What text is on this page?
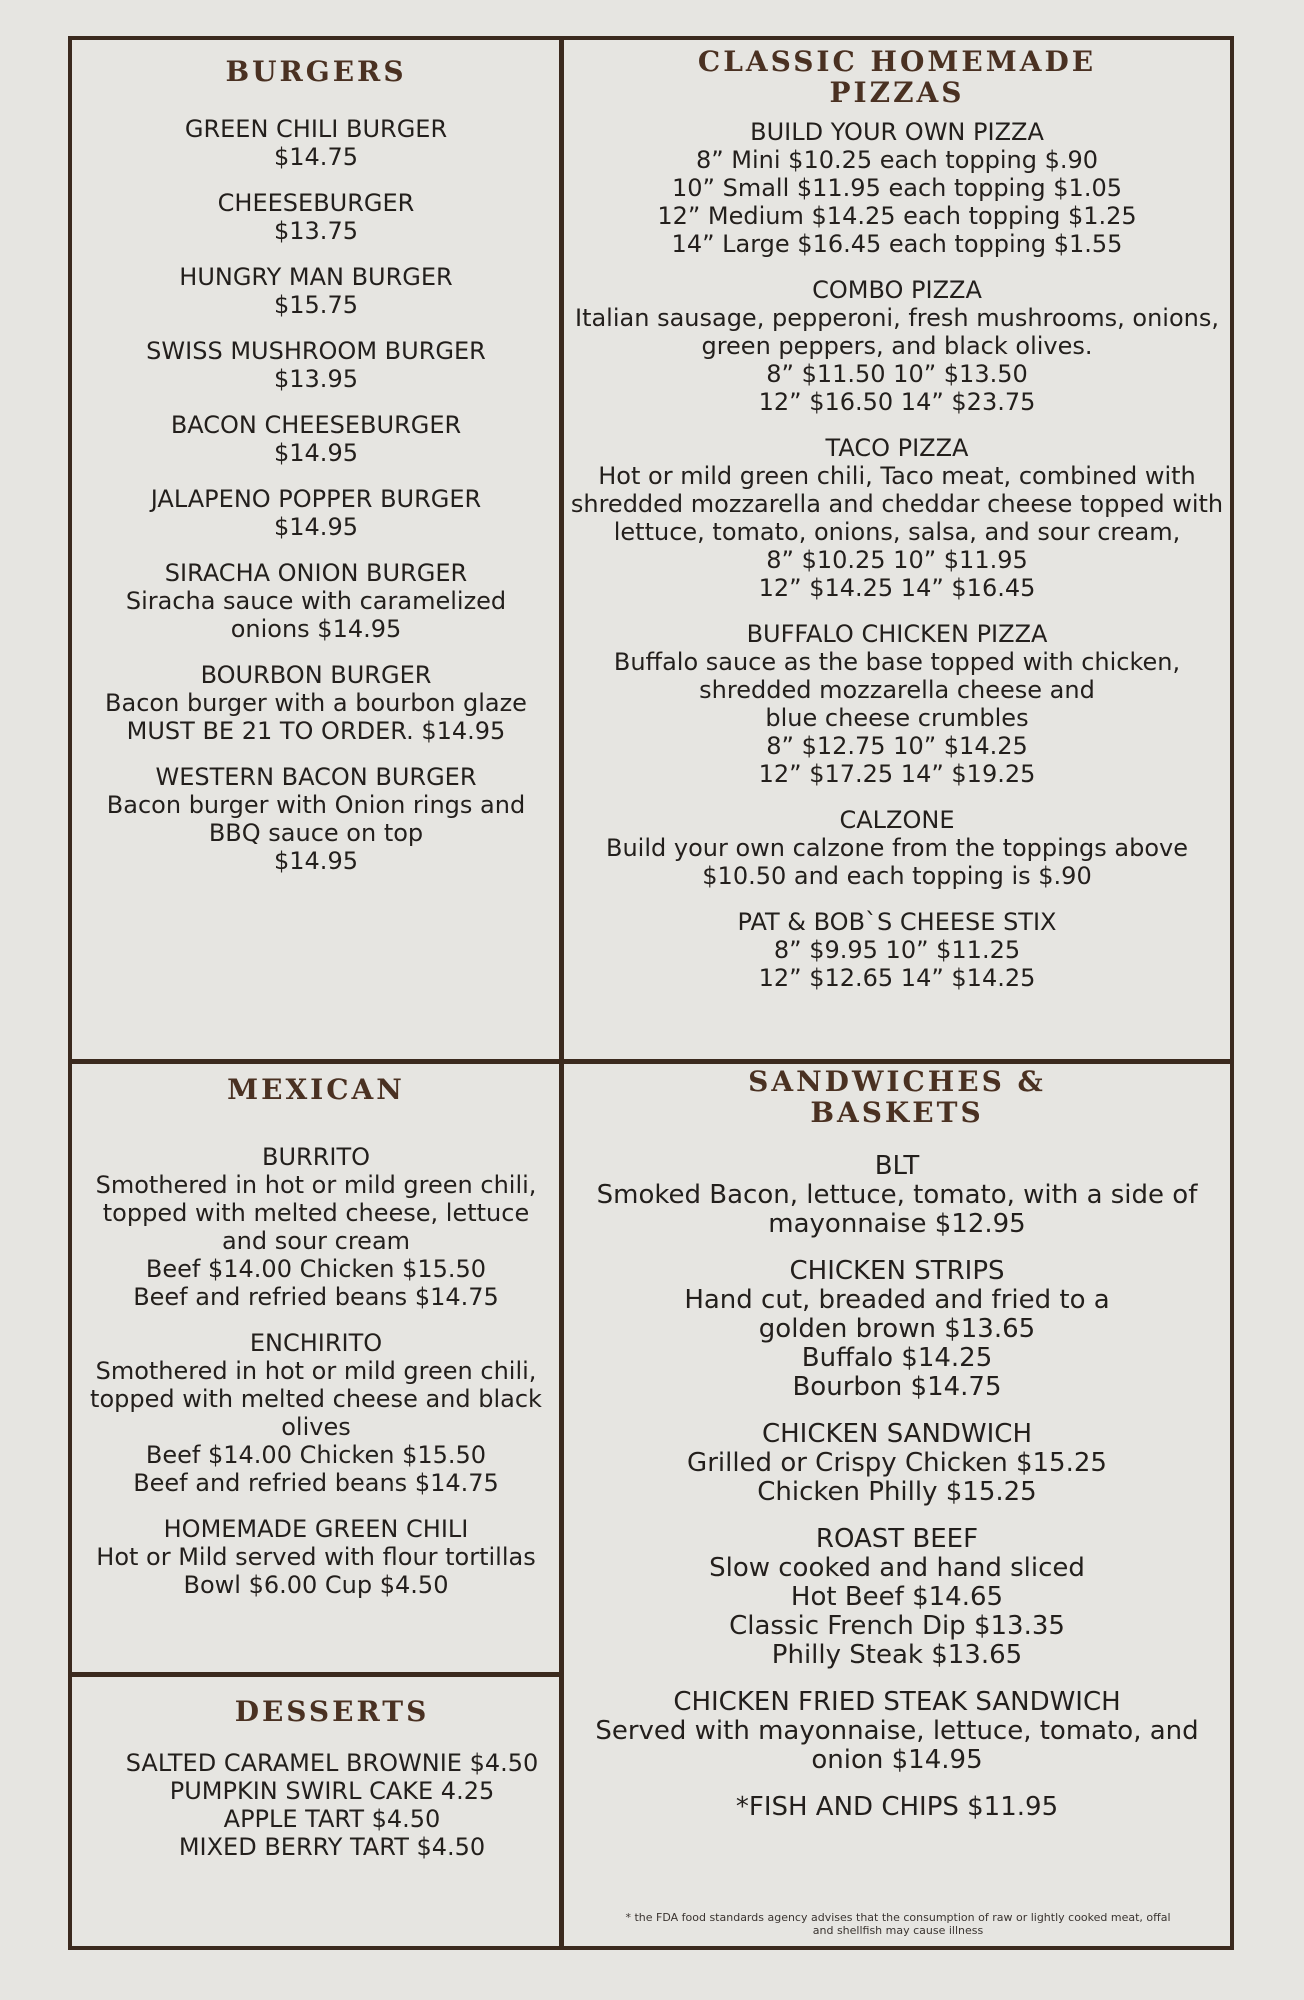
BURGERS
GREEN CHILI BURGER
$14.75
CHEESEBURGER
$13.75
HUNGRY MAN BURGER
$15.75
SWISS MUSHROOM BURGER
$13.95
BACON CHEESEBURGER
$14.95
JALAPENO POPPER BURGER
$14.95
SIRACHA ONION BURGER
Siracha sauce with caramelized
onions $14.95
BOURBON BURGER
Bacon burger with a bourbon glaze
MUST BE 21 TO ORDER. $14.95
WESTERN BACON BURGER
Bacon burger with Onion rings and
BBQ sauce on top
$14.95
CLASSIC HOMEMADE
PIZZAS
BUILD YOUR OWN PIZZA
8” Mini $10.25 each topping $.90
10” Small $11.95 each topping $1.05
12” Medium $14.25 each topping $1.25
14” Large $16.45 each topping $1.55
COMBO PIZZA
Italian sausage, pepperoni, fresh mushrooms, onions,
green peppers, and black olives.
8” $11.50 10” $13.50
12” $16.50 14” $23.75
TACO PIZZA
Hot or mild green chili, Taco meat, combined with
shredded mozzarella and cheddar cheese topped with
lettuce, tomato, onions, salsa, and sour cream,
8” $10.25 10” $11.95
12” $14.25 14” $16.45
BUFFALO CHICKEN PIZZA
Buffalo sauce as the base topped with chicken,
shredded mozzarella cheese and
blue cheese crumbles
8” $12.75 10” $14.25
12” $17.25 14” $19.25
CALZONE
Build your own calzone from the toppings above
$10.50 and each topping is $.90
PAT & BOB`S CHEESE STIX
8” $9.95 10” $11.25
12” $12.65 14” $14.25
MEXICAN
BURRITO
Smothered in hot or mild green chili,
topped with melted cheese, lettuce
and sour cream
Beef $14.00 Chicken $15.50
Beef and refried beans $14.75
ENCHIRITO
Smothered in hot or mild green chili,
topped with melted cheese and black
olives
Beef $14.00 Chicken $15.50
Beef and refried beans $14.75
HOMEMADE GREEN CHILI
Hot or Mild served with flour tortillas
Bowl $6.00 Cup $4.50
DESSERTS
SALTED CARAMEL BROWNIE $4.50
PUMPKIN SWIRL CAKE 4.25
APPLE TART $4.50
MIXED BERRY TART $4.50
SANDWICHES &
BASKETS
BLT
Smoked Bacon, lettuce, tomato, with a side of
mayonnaise $12.95
CHICKEN STRIPS
Hand cut, breaded and fried to a
golden brown $13.65
Buffalo $14.25
Bourbon $14.75
CHICKEN SANDWICH
Grilled or Crispy Chicken $15.25
Chicken Philly $15.25
ROAST BEEF
Slow cooked and hand sliced
Hot Beef $14.65
Classic French Dip $13.35
Philly Steak $13.65
CHICKEN FRIED STEAK SANDWICH
Served with mayonnaise, lettuce, tomato, and
onion $14.95
*FISH AND CHIPS $11.95
* the FDA food standards agency advises that the consumption of raw or lightly cooked meat, offal
and shellfish may cause illness
